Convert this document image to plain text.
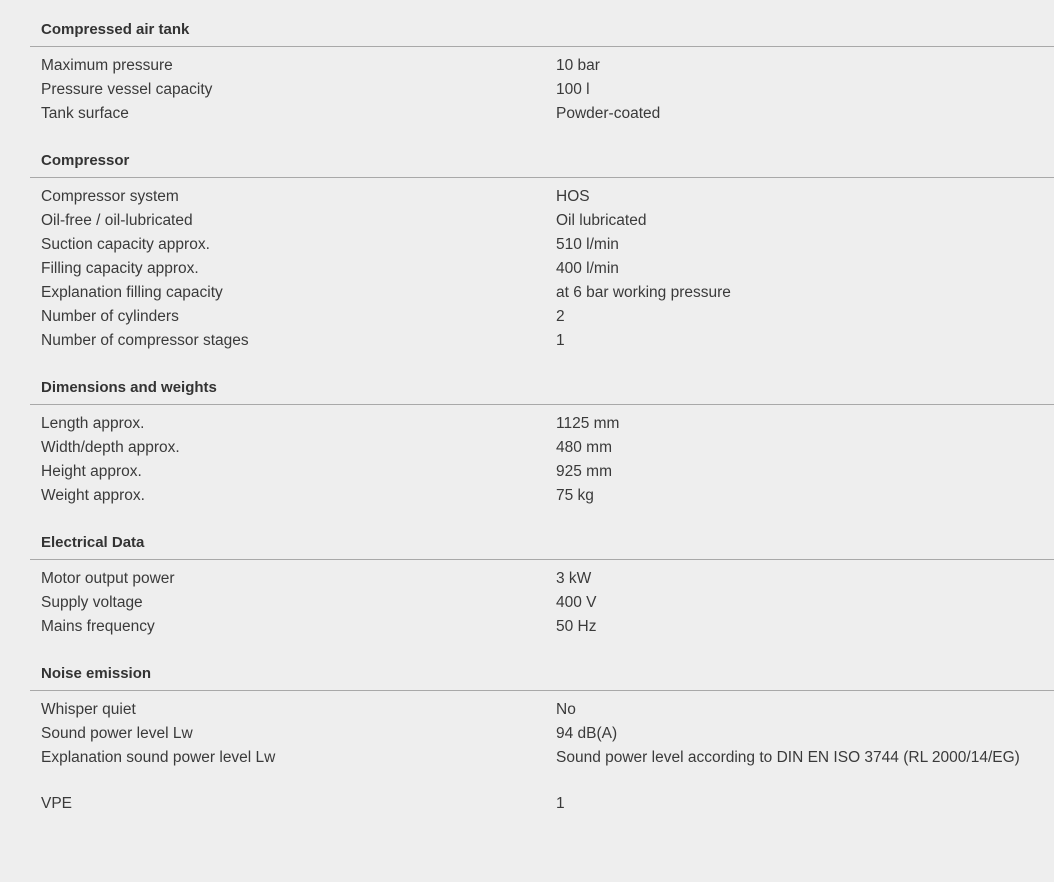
Compressed air tank
Maximum pressure	10 bar
Pressure vessel capacity	100 l
Tank surface	Powder-coated
Compressor
Compressor system	HOS
Oil-free / oil-lubricated	Oil lubricated
Suction capacity approx.	510 l/min
Filling capacity approx.	400 l/min
Explanation filling capacity	at 6 bar working pressure
Number of cylinders	2
Number of compressor stages	1
Dimensions and weights
Length approx.	1125 mm
Width/depth approx.	480 mm
Height approx.	925 mm
Weight approx.	75 kg
Electrical Data
Motor output power	3 kW
Supply voltage	400 V
Mains frequency	50 Hz
Noise emission
Whisper quiet	No
Sound power level Lw	94 dB(A)
Explanation sound power level Lw	Sound power level according to DIN EN ISO 3744 (RL 2000/14/EG)
VPE	1
